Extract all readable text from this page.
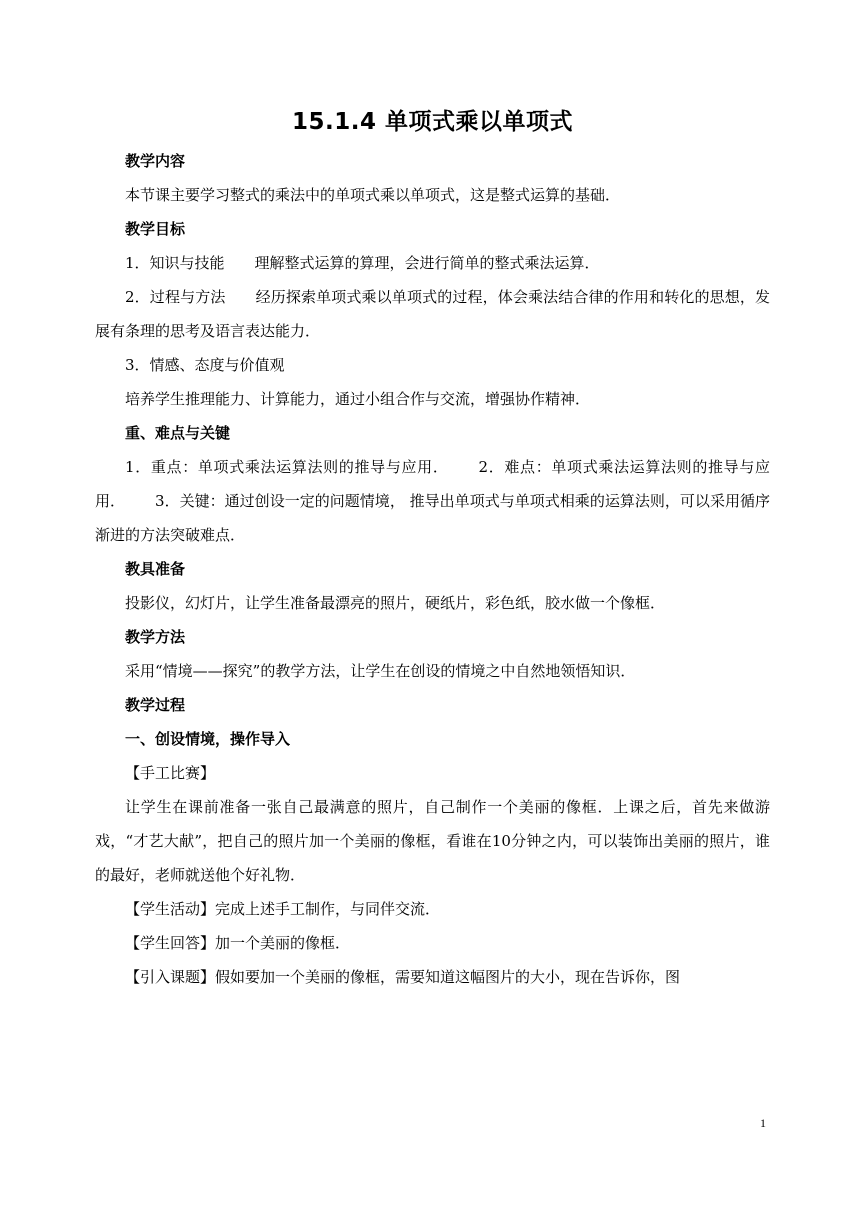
15.1.4 单项式乘以单项式

教学内容

本节课主要学习整式的乘法中的单项式乘以单项式，这是整式运算的基础．

教学目标

1．知识与技能 理解整式运算的算理，会进行简单的整式乘法运算．

2．过程与方法 经历探索单项式乘以单项式的过程，体会乘法结合律的作用和转化的思想，发展有条理的思考及语言表达能力．

3．情感、态度与价值观

培养学生推理能力、计算能力，通过小组合作与交流，增强协作精神．

重、难点与关键

1．重点：单项式乘法运算法则的推导与应用． 2．难点：单项式乘法运算法则的推导与应用． 3．关键：通过创设一定的问题情境， 推导出单项式与单项式相乘的运算法则，可以采用循序渐进的方法突破难点．

教具准备

投影仪，幻灯片，让学生准备最漂亮的照片，硬纸片，彩色纸，胶水做一个像框．

教学方法

采用“情境——探究”的教学方法，让学生在创设的情境之中自然地领悟知识．

教学过程

一、创设情境，操作导入

【手工比赛】

让学生在课前准备一张自己最满意的照片，自己制作一个美丽的像框．上课之后，首先来做游戏，“才艺大献”，把自己的照片加一个美丽的像框，看谁在10分钟之内，可以装饰出美丽的照片，谁的最好，老师就送他个好礼物．

【学生活动】完成上述手工制作，与同伴交流．

【学生回答】加一个美丽的像框．

【引入课题】假如要加一个美丽的像框，需要知道这幅图片的大小，现在告诉你，图

1
